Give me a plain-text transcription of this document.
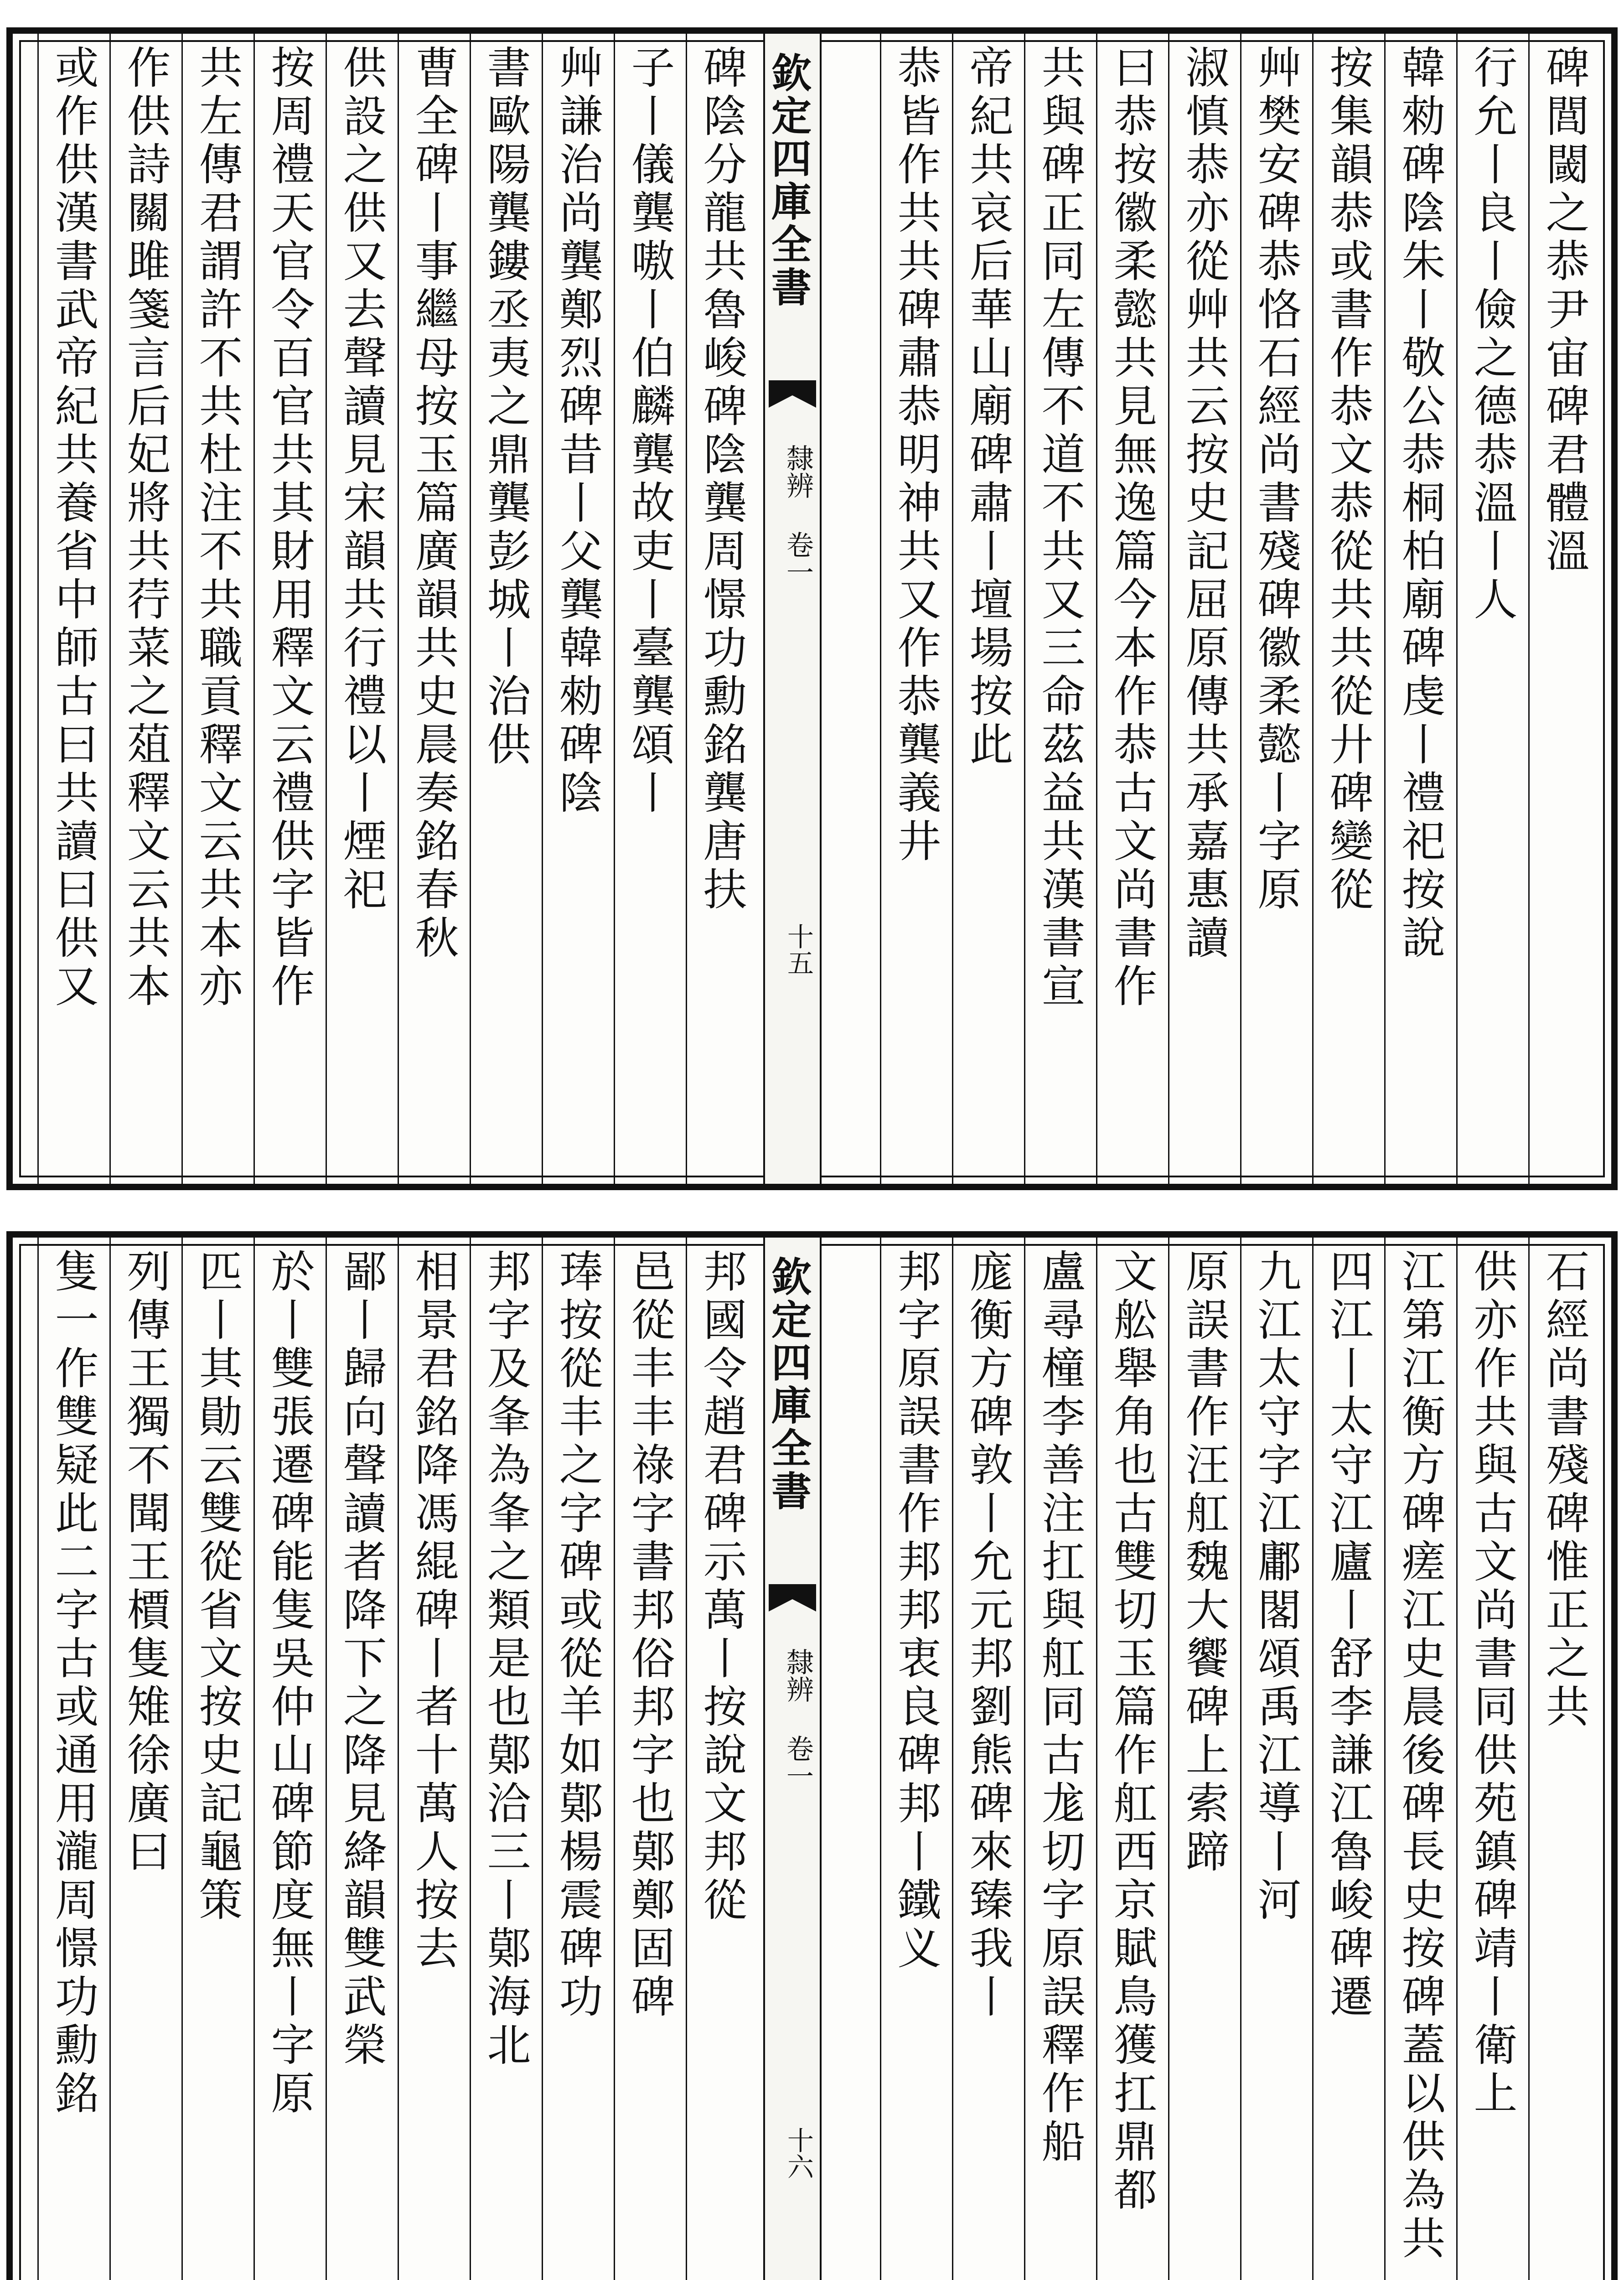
欽定四庫全書
隸辨 卷一
十五
碑閭閾之恭尹宙碑君體溫
行允丨良丨儉之德恭溫丨人
韓勑碑陰朱丨敬公恭桐柏廟碑虔丨禮祀按說
按集韻恭或書作恭文恭從共共從廾碑變從
艸樊安碑恭恪石經尚書殘碑徽柔懿丨字原
淑慎恭亦從艸共云按史記屈原傳共承嘉惠讀
曰恭按徽柔懿共見無逸篇今本作恭古文尚書作
共與碑正同左傳不道不共又三命茲益共漢書宣
帝紀共哀后華山廟碑肅丨壇場按此
恭皆作共共碑肅恭明神共又作恭龔義井
碑陰分龍共魯峻碑陰龔周憬功勳銘龔唐扶
子丨儀龔嗷丨伯麟龔故吏丨臺龔頌丨
艸謙治尚龔鄭烈碑昔丨父龔韓勑碑陰
書歐陽龔鏤丞夷之鼎龔彭城丨治供
曹全碑丨事繼母按玉篇廣韻共史晨奏銘春秋
供設之供又去聲讀見宋韻共行禮以丨煙祀
按周禮天官令百官共其財用釋文云禮供字皆作
共左傳君謂許不共杜注不共職貢釋文云共本亦
作供詩關雎箋言后妃將共荇菜之葅釋文云共本
或作供漢書武帝紀共養省中師古曰共讀曰供又
欽定四庫全書
隸辨 卷一
十六
石經尚書殘碑惟正之共
供亦作共與古文尚書同供苑鎮碑靖丨衛上
江第江衡方碑瘥江史晨後碑長史按碑蓋以供為共
四江丨太守江廬丨舒李謙江魯峻碑遷
九江太守字江鄘閣頌禹江導丨河
原誤書作汪舡魏大饗碑上索蹄
文舩舉角也古雙切玉篇作舡西京賦鳥獲扛鼎都
盧尋橦李善注扛與舡同古尨切字原誤釋作船
庬衡方碑敦丨允元邦劉熊碑來臻我丨
邦字原誤書作邦邦衷良碑邦丨鐵义
邦國令趙君碑示萬丨按說文邦從
邑從丰丰祿字書邦俗邦字也鄚鄭固碑
琫按從丰之字碑或從羊如鄚楊震碑功
邦字及夆為夆之類是也鄚洽三丨鄚海北
相景君銘降馮緄碑丨者十萬人按去
鄙丨歸向聲讀者降下之降見絳韻雙武榮
於丨雙張遷碑能隻吳仲山碑節度無丨字原
匹丨其勛云雙從省文按史記龜策
列傳王獨不聞王檟隻雉徐廣曰
隻一作雙疑此二字古或通用瀧周憬功勳銘
